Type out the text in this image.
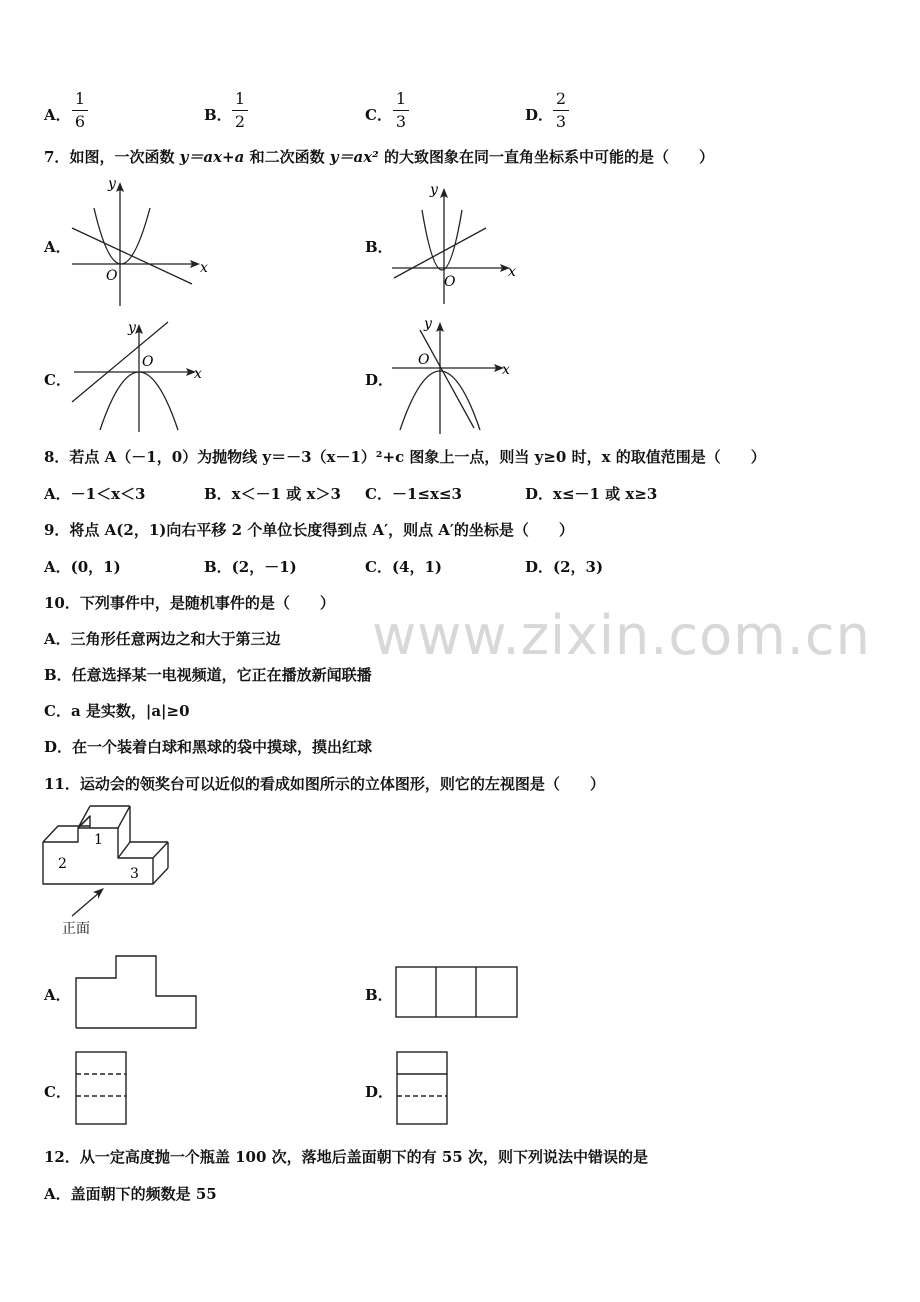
www.zixin.com.cn
A．
1
6	B．
1
2	C．
1
3	D．
2
3
7．如图，一次函数 y＝ax+a 和二次函数 y＝ax² 的大致图象在同一直角坐标系中可能的是（　　）
A．
y
x
O
B．
y
x
O
C．
y
x
O
D．
y
x
O
8．若点 A（－1，0）为抛物线 y＝－3（x－1）²+c 图象上一点，则当 y≥0 时，x 的取值范围是（　　）
A．－1＜x＜3	B．x＜－1 或 x＞3 C．－1≤x≤3	D．x≤－1 或 x≥3
9．将点 A(2，1)向右平移 2 个单位长度得到点 A′，则点 A′的坐标是（　　）
A．(0，1)	B．(2，－1)	C．(4，1)	D．(2，3)
10．下列事件中，是随机事件的是（　　）
A．三角形任意两边之和大于第三边
B．任意选择某一电视频道，它正在播放新闻联播
C．a 是实数，|a|≥0
D．在一个装着白球和黑球的袋中摸球，摸出红球
11．运动会的领奖台可以近似的看成如图所示的立体图形，则它的左视图是（　　）
1
2
3
正面
A．	B．
C．	D．
12．从一定高度抛一个瓶盖 100 次，落地后盖面朝下的有 55 次，则下列说法中错误的是
A．盖面朝下的频数是 55
